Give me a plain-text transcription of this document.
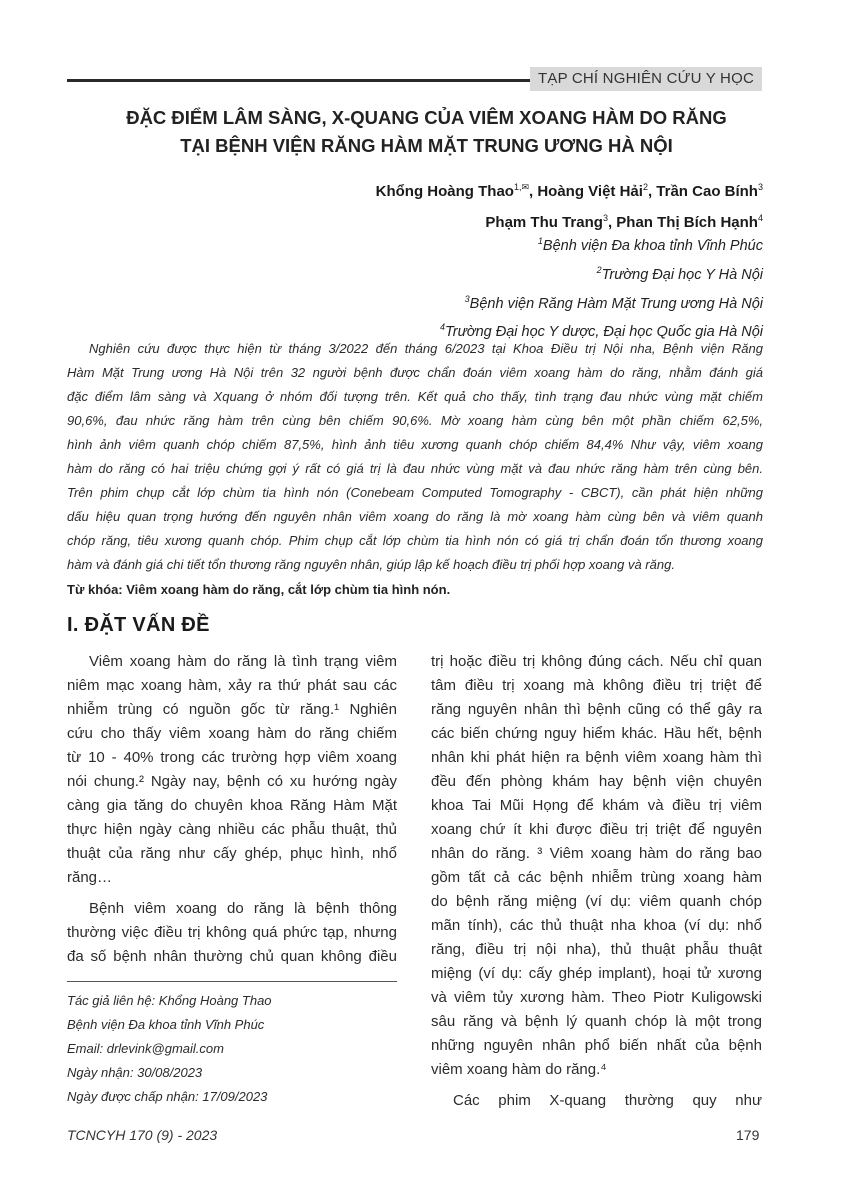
TẠP CHÍ NGHIÊN CỨU Y HỌC
ĐẶC ĐIỂM LÂM SÀNG, X-QUANG CỦA VIÊM XOANG HÀM DO RĂNG
TẠI BỆNH VIỆN RĂNG HÀM MẶT TRUNG ƯƠNG HÀ NỘI
Khổng Hoàng Thao$^{1,✉}$, Hoàng Việt Hải$^2$, Trần Cao Bính$^3$
Phạm Thu Trang$^3$, Phan Thị Bích Hạnh$^4$
$^1$Bệnh viện Đa khoa tỉnh Vĩnh Phúc
$^2$Trường Đại học Y Hà Nội
$^3$Bệnh viện Răng Hàm Mặt Trung ương Hà Nội
$^4$Trường Đại học Y dược, Đại học Quốc gia Hà Nội
Nghiên cứu được thực hiện từ tháng 3/2022 đến tháng 6/2023 tại Khoa Điều trị Nội nha, Bệnh viện Răng
Hàm Mặt Trung ương Hà Nội trên 32 người bệnh được chẩn đoán viêm xoang hàm do răng, nhằm đánh giá
đặc điểm lâm sàng và Xquang ở nhóm đối tượng trên. Kết quả cho thấy, tình trạng đau nhức vùng mặt chiếm
90,6%, đau nhức răng hàm trên cùng bên chiếm 90,6%. Mờ xoang hàm cùng bên một phần chiếm 62,5%,
hình ảnh viêm quanh chóp chiếm 87,5%, hình ảnh tiêu xương quanh chóp chiếm 84,4% Như vậy, viêm xoang
hàm do răng có hai triệu chứng gợi ý rất có giá trị là đau nhức vùng mặt và đau nhức răng hàm trên cùng bên.
Trên phim chụp cắt lớp chùm tia hình nón (Conebeam Computed Tomography - CBCT), cần phát hiện những
dấu hiệu quan trọng hướng đến nguyên nhân viêm xoang do răng là mờ xoang hàm cùng bên và viêm quanh
chóp răng, tiêu xương quanh chóp. Phim chụp cắt lớp chùm tia hình nón có giá trị chẩn đoán tổn thương xoang
hàm và đánh giá chi tiết tổn thương răng nguyên nhân, giúp lập kế hoạch điều trị phối hợp xoang và răng.
Từ khóa: Viêm xoang hàm do răng, cắt lớp chùm tia hình nón.
I. ĐẶT VẤN ĐỀ
Viêm xoang hàm do răng là tình trạng viêm
niêm mạc xoang hàm, xảy ra thứ phát sau các
nhiễm trùng có nguồn gốc từ răng.¹ Nghiên
cứu cho thấy viêm xoang hàm do răng chiếm
từ 10 - 40% trong các trường hợp viêm xoang
nói chung.² Ngày nay, bệnh có xu hướng ngày
càng gia tăng do chuyên khoa Răng Hàm Mặt
thực hiện ngày càng nhiều các phẫu thuật, thủ
thuật của răng như cấy ghép, phục hình, nhổ
răng…
Bệnh viêm xoang do răng là bệnh thông
thường việc điều trị không quá phức tạp, nhưng
đa số bệnh nhân thường chủ quan không điều
Tác giả liên hệ: Khổng Hoàng Thao
Bệnh viện Đa khoa tỉnh Vĩnh Phúc
Email: drlevink@gmail.com
Ngày nhận: 30/08/2023
Ngày được chấp nhận: 17/09/2023
trị hoặc điều trị không đúng cách. Nếu chỉ quan
tâm điều trị xoang mà không điều trị triệt để
răng nguyên nhân thì bệnh cũng có thể gây ra
các biến chứng nguy hiểm khác. Hầu hết, bệnh
nhân khi phát hiện ra bệnh viêm xoang hàm thì
đều đến phòng khám hay bệnh viện chuyên
khoa Tai Mũi Họng để khám và điều trị viêm
xoang chứ ít khi được điều trị triệt để nguyên
nhân do răng. ³ Viêm xoang hàm do răng bao
gồm tất cả các bệnh nhiễm trùng xoang hàm
do bệnh răng miệng (ví dụ: viêm quanh chóp
mãn tính), các thủ thuật nha khoa (ví dụ: nhổ
răng, điều trị nội nha), thủ thuật phẫu thuật
miệng (ví dụ: cấy ghép implant), hoại tử xương
và viêm tủy xương hàm. Theo Piotr Kuligowski
sâu răng và bệnh lý quanh chóp là một trong
những nguyên nhân phổ biến nhất của bệnh
viêm xoang hàm do răng.⁴
Các phim X-quang thường quy như
TCNCYH 170 (9) - 2023	179
